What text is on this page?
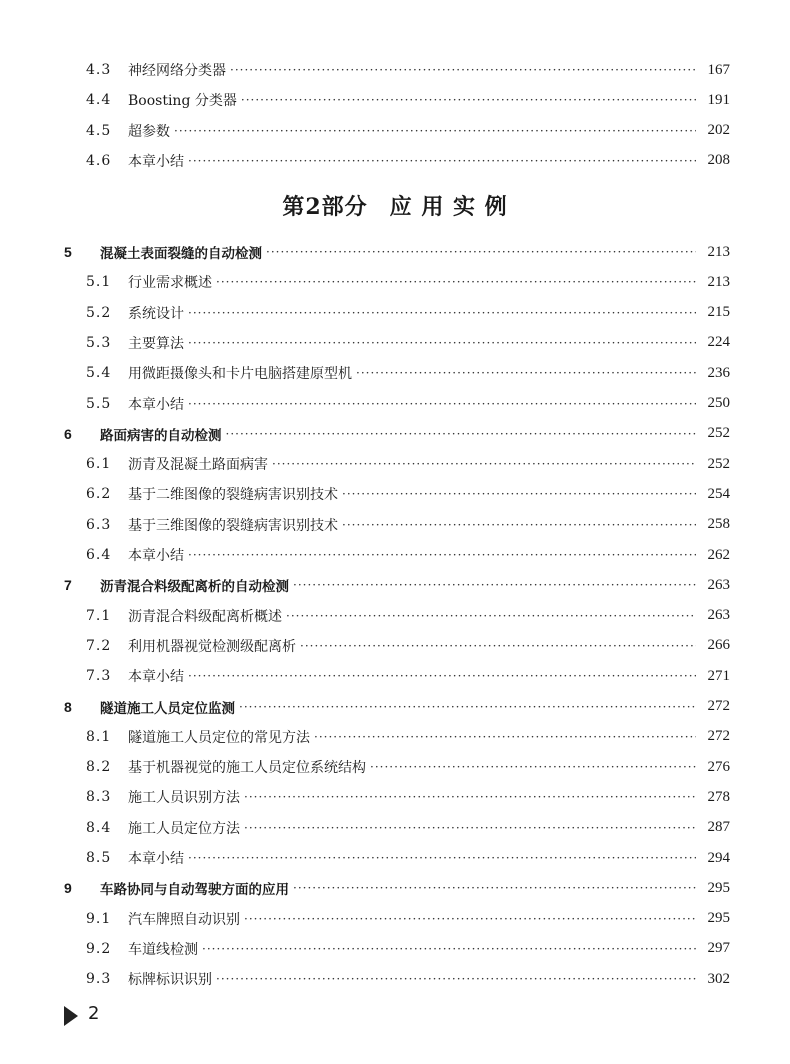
4.3	神经网络分类器 ·····	167
4.4	Boosting 分类器 ·····	191
4.5	超参数 ·····	202
4.6	本章小结 ·····	208
第2部分 应 用 实 例
5	混凝土表面裂缝的自动检测 ·····	213
5.1	行业需求概述 ·····	213
5.2	系统设计 ·····	215
5.3	主要算法 ·····	224
5.4	用微距摄像头和卡片电脑搭建原型机 ·····	236
5.5	本章小结 ·····	250
6	路面病害的自动检测 ·····	252
6.1	沥青及混凝土路面病害 ·····	252
6.2	基于二维图像的裂缝病害识别技术 ·····	254
6.3	基于三维图像的裂缝病害识别技术 ·····	258
6.4	本章小结 ·····	262
7	沥青混合料级配离析的自动检测 ·····	263
7.1	沥青混合料级配离析概述 ·····	263
7.2	利用机器视觉检测级配离析 ·····	266
7.3	本章小结 ·····	271
8	隧道施工人员定位监测 ·····	272
8.1	隧道施工人员定位的常见方法 ·····	272
8.2	基于机器视觉的施工人员定位系统结构 ·····	276
8.3	施工人员识别方法 ·····	278
8.4	施工人员定位方法 ·····	287
8.5	本章小结 ·····	294
9	车路协同与自动驾驶方面的应用 ·····	295
9.1	汽车牌照自动识别 ·····	295
9.2	车道线检测 ·····	297
9.3	标牌标识识别 ·····	302
2
